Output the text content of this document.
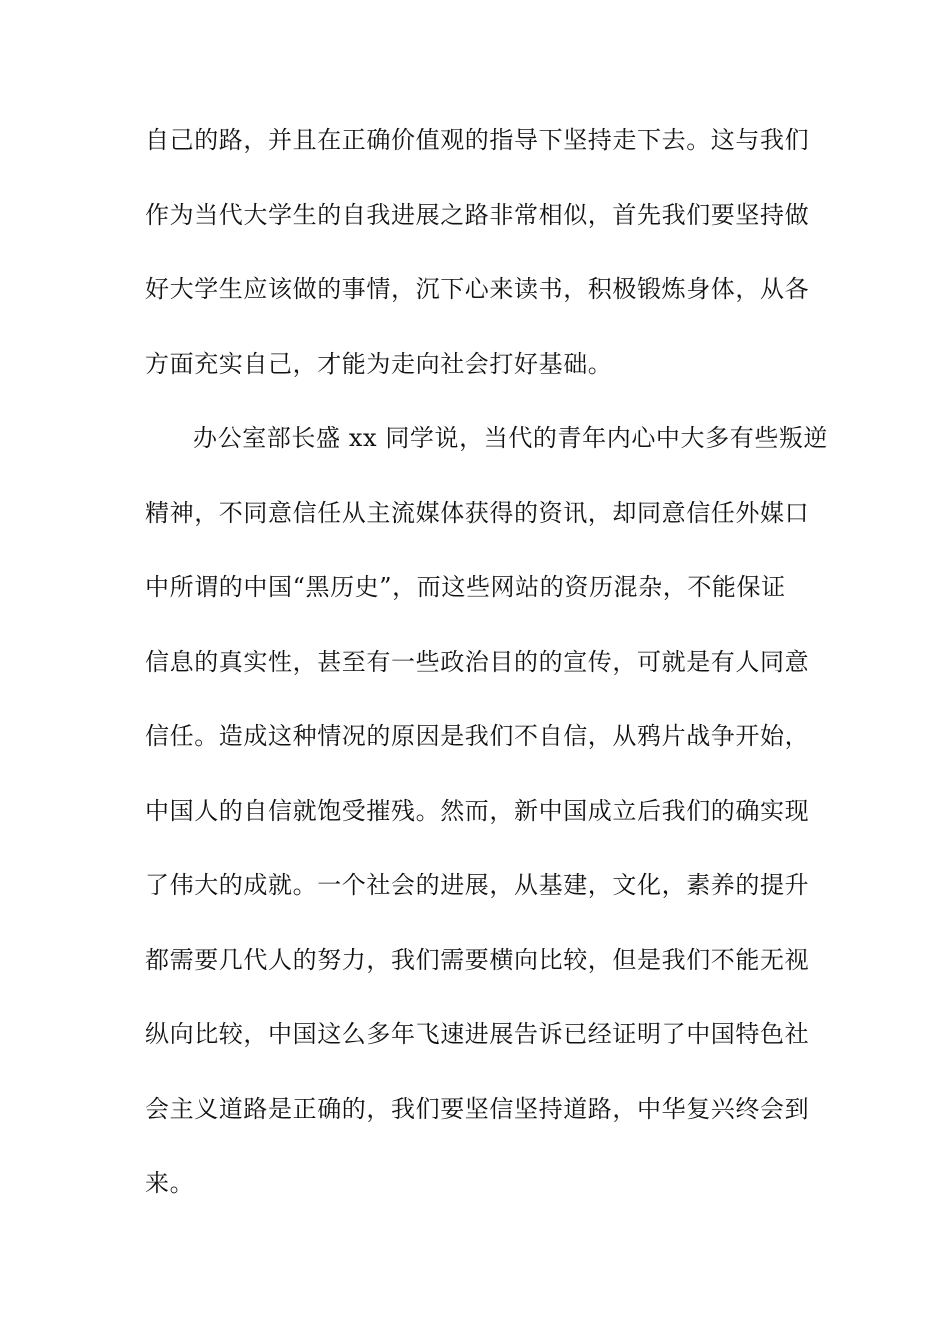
自己的路，并且在正确价值观的指导下坚持走下去。这与我们
作为当代大学生的自我进展之路非常相似，首先我们要坚持做
好大学生应该做的事情，沉下心来读书，积极锻炼身体，从各
方面充实自己，才能为走向社会打好基础。
办公室部长盛 xx 同学说，当代的青年内心中大多有些叛逆
精神，不同意信任从主流媒体获得的资讯，却同意信任外媒口
中所谓的中国“黑历史”，而这些网站的资历混杂，不能保证
信息的真实性，甚至有一些政治目的的宣传，可就是有人同意
信任。造成这种情况的原因是我们不自信，从鸦片战争开始，
中国人的自信就饱受摧残。然而，新中国成立后我们的确实现
了伟大的成就。一个社会的进展，从基建，文化，素养的提升
都需要几代人的努力，我们需要横向比较，但是我们不能无视
纵向比较，中国这么多年飞速进展告诉已经证明了中国特色社
会主义道路是正确的，我们要坚信坚持道路，中华复兴终会到
来。
